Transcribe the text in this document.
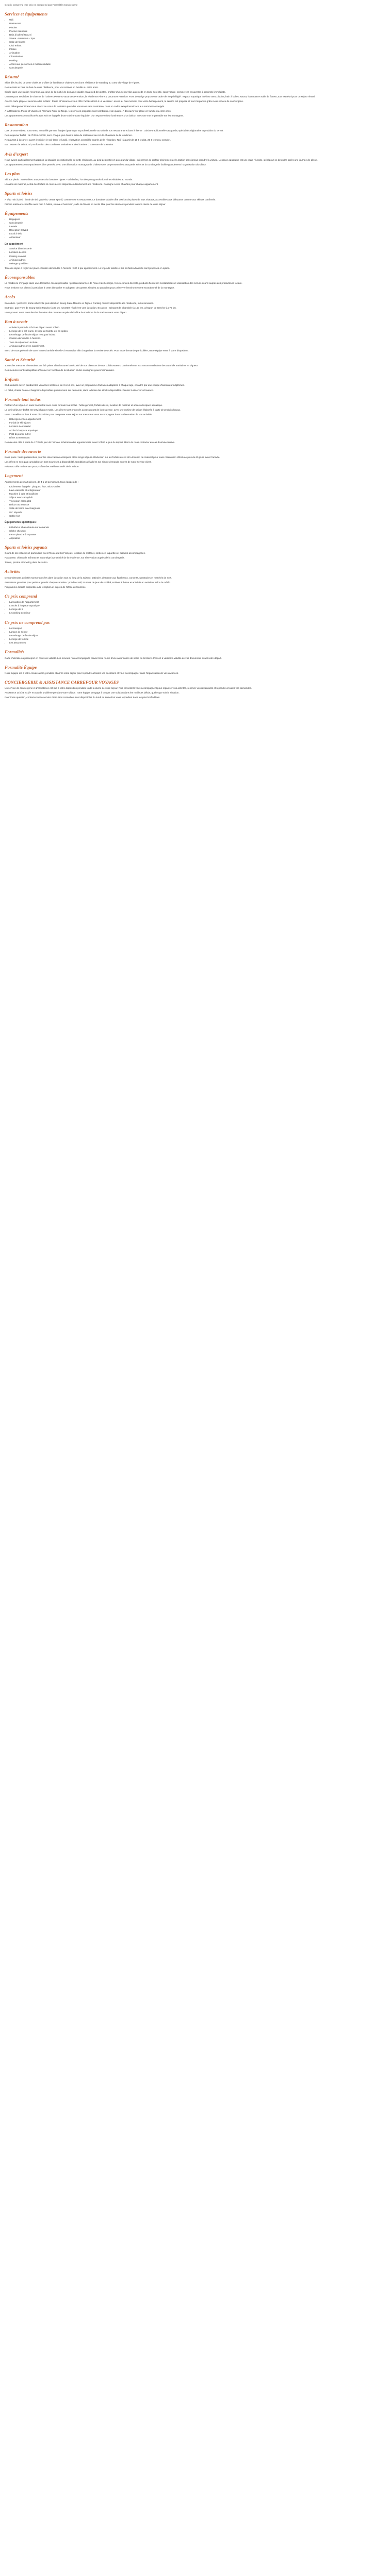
Ce prix comprend : Ce prix ne comprend pas Formalités Conciergerie

Services et équipements
• Wifi
• Restaurant
• Piscine
• Piscine intérieure
• Bain à bulles/Jacuzzi
• Sauna - Hammam - Spa
• Salle de fitness
• Club enfant
• Pilates
• Animation
• Climatisation
• Parking
• Accès aux personnes à mobilité réduite
• Conciergerie
Résumé

Skier dès le pied de votre chalet et profiter de l'ambiance chaleureuse d'une résidence de standing au cœur du village de Tignes.

Restaurants et bars en bas de votre résidence, pour vos soirées en famille ou entre amis.

Située dans une station reconnue, au cœur de la moitié de domaine skiable et au pied des pistes, profitez d'un séjour skis aux pieds en toute sérénité, sans voiture, commerces et navettes à proximité immédiate.

Comme pour ses hôtes de charme de l'univers Pierre & Vacances Premium, la résidence Pierre & Vacances Premium Front de Neige propose un cadre de vie privilégié : espace aquatique intérieur avec piscine, bain à bulles, sauna, hammam et salle de fitness, tout est réuni pour un séjour réussi.

Avec la carte plage et la remise des forfaits : Pierre et Vacances vous offre l'accès direct à un vestiaire : accès au bon moment pour votre hébergement, le service est proposé et tout s'organise grâce à un service de conciergerie.

Votre hébergement idéal vous attend au cœur de la station pour des vacances sans contrainte, dans un cadre exceptionnel face aux sommets enneigés.

A la Résidence Pierre et Vacances Premium Front de Neige, les services proposés sont nombreux et de qualité. A découvrir sur place en famille ou entre amis.

Les appartements sont décorés avec soin et équipés d'une cuisine toute équipée, d'un espace séjour lumineux et d'un balcon avec une vue imprenable sur les montagnes.

Restauration

Lors de votre séjour, vous serez accueillis par une équipe dynamique et professionnelle au sein de nos restaurants et bars à thème : cuisine traditionnelle savoyarde, spécialités régionales et produits du terroir.

Petit-déjeuner buffet : de 7h30 à 10h30, servi chaque jour dans la salle du restaurant au rez-de-chaussée de la résidence.

Restaurant à la carte : ouvert le midi et le soir (sauf le lundi), réservation conseillée auprès de la réception. Tarif : à partir de 15 € le plat, 25 € le menu complet.

Bar : ouvert de 16h à 23h, en fonction des conditions sanitaires et des horaires d'ouverture de la station.

Avis d'expert

Nous avons particulièrement apprécié la situation exceptionnelle de cette résidence, au pied des pistes et au cœur du village, qui permet de profiter pleinement de la station sans jamais prendre la voiture. L'espace aquatique est une vraie réussite, idéal pour se détendre après une journée de glisse.

Les appartements sont spacieux et bien pensés, avec une décoration montagnarde chaleureuse. Le personnel est aux petits soins et la conciergerie facilite grandement l'organisation du séjour.

Les plus

Ski aux pieds : accès direct aux pistes du domaine Tignes - Val d'Isère, l'un des plus grands domaines skiables au monde.

Location de matériel, achat des forfaits et cours de ski disponibles directement à la résidence. Consigne à skis chauffée pour chaque appartement.

Sports et loisirs

A 5/10 min à pied : école de ski, garderie, centre sportif, commerces et restaurants. Le domaine skiable offre 300 km de pistes de tous niveaux, accessibles aux débutants comme aux skieurs confirmés.

Piscine intérieure chauffée avec bain à bulles, sauna et hammam, salle de fitness en accès libre pour les résidents pendant toute la durée de votre séjour.

Équipements
• Bagagerie
• Conciergerie
• Laverie
• Réception 24h/24
• Local à skis
• Ascenseur
En supplément
• Service blanchisserie
• Location de skis
• Parking couvert
• Animaux admis
• Ménage quotidien

Taxe de séjour à régler sur place. Caution demandée à l'arrivée : 300 € par appartement. Le linge de toilette et les lits faits à l'arrivée sont proposés en option.

Écoresponsables

La résidence s'engage dans une démarche éco-responsable : gestion raisonnée de l'eau et de l'énergie, tri sélectif des déchets, produits d'entretien écolabellisés et valorisation des circuits courts auprès des producteurs locaux.

Nous invitons nos clients à participer à cette démarche en adoptant des gestes simples au quotidien pour préserver l'environnement exceptionnel de la montagne.

Accès

En voiture : par l'A43, sortie Albertville puis direction Bourg-Saint-Maurice et Tignes. Parking couvert disponible à la résidence, sur réservation.

En train : gare TGV de Bourg-Saint-Maurice à 30 km, navettes régulières vers la station. En avion : aéroport de Chambéry à 150 km, aéroport de Genève à 170 km.

Vous pouvez aussi consulter les horaires des navettes auprès de l'office de tourisme de la station avant votre départ.

Bon à savoir
• Arrivée à partir de 17h00 et départ avant 10h00.
• Le linge de lit est fourni, le linge de toilette est en option.
• Le ménage de fin de séjour n'est pas inclus.
• Caution demandée à l'arrivée.
• Taxe de séjour non incluse.
• Animaux admis avec supplément.

Merci de nous prévenir de votre heure d'arrivée si celle-ci est tardive afin d'organiser la remise des clés. Pour toute demande particulière, notre équipe reste à votre disposition.

Santé et Sécurité

Toutes les mesures nécessaires ont été prises afin d'assurer la sécurité de nos clients et de nos collaborateurs, conformément aux recommandations des autorités sanitaires en vigueur.

Ces mesures sont susceptibles d'évoluer en fonction de la situation et des consignes gouvernementales.

Enfants

Club enfants ouvert pendant les vacances scolaires, de 3 à 12 ans, avec un programme d'activités adaptées à chaque âge, encadré par une équipe d'animateurs diplômés.

Lit bébé, chaise haute et baignoire disponibles gratuitement sur demande, dans la limite des stocks disponibles. Pensez à réserver à l'avance.

Formule tout inclus

Profitez d'un séjour en toute tranquillité avec notre formule tout inclus : hébergement, forfaits de ski, location de matériel et accès à l'espace aquatique.

Le petit-déjeuner buffet est servi chaque matin. Les dîners sont proposés au restaurant de la résidence, avec une cuisine de saison élaborée à partir de produits locaux.

Votre conseiller se tient à votre disposition pour composer votre séjour sur mesure et vous accompagner dans la réservation de vos activités.

• Hébergement en appartement
• Forfait de ski 6 jours
• Location de matériel
• Accès à l'espace aquatique
• Petit-déjeuner buffet
• Dîner au restaurant

Remise des clés à partir de 17h00 le jour de l'arrivée. Libération des appartements avant 10h00 le jour du départ. Merci de nous contacter en cas d'arrivée tardive.

Formule découverte

Bons plans : tarifs préférentiels pour les réservations anticipées et les longs séjours. Réduction sur les forfaits de ski et la location de matériel pour toute réservation effectuée plus de 60 jours avant l'arrivée.

Les offres ne sont pas cumulables et sont soumises à disponibilité. Conditions détaillées sur simple demande auprès de notre service client.

Réservez dès maintenant pour profiter des meilleurs tarifs de la saison.

Logement

Appartements de 2 à 5 pièces, de 4 à 10 personnes, tous équipés de :

• Kitchenette équipée : plaques, four, micro-ondes
• Lave-vaisselle et réfrigérateur
• Machine à café et bouilloire
• Séjour avec canapé-lit
• Télévision écran plat
• Balcon ou terrasse
• Salle de bains avec baignoire
• WC séparés
• Coffre-fort
Équipements spécifiques :
• Lit bébé et chaise haute sur demande
• Sèche-cheveux
• Fer et planche à repasser
• Aspirateur
Sports et loisirs payants

Cours de ski collectifs et particuliers avec l'École du Ski Français, location de matériel, sorties en raquettes et balades accompagnées.

Parapente, chiens de traîneau et motoneige à proximité de la résidence, sur réservation auprès de la conciergerie.

Tennis, piscine et bowling dans la station.

Activités

De nombreuses activités sont proposées dans la station tout au long de la saison : patinoire, descente aux flambeaux, concerts, spectacles et marchés de noël.

Animations gratuites pour petits et grands chaque semaine : pot d'accueil, tournois de jeux de société, soirées à thème et activités en extérieur selon la météo.

Programme détaillé disponible à la réception et auprès de l'office de tourisme.

Ce prix comprend
• La location de l'appartement
• L'accès à l'espace aquatique
• Le linge de lit
• Le parking extérieur
Ce prix ne comprend pas
• Le transport
• La taxe de séjour
• Le ménage de fin de séjour
• Le linge de toilette
• Les assurances
Formalités

Carte d'identité ou passeport en cours de validité. Les mineurs non accompagnés doivent être munis d'une autorisation de sortie du territoire. Pensez à vérifier la validité de vos documents avant votre départ.

Formalité Équipe

Notre équipe est à votre écoute avant, pendant et après votre séjour pour répondre à toutes vos questions et vous accompagner dans l'organisation de vos vacances.

CONCIERGERIE & ASSISTANCE CARREFOUR VOYAGES

Un service de conciergerie et d'assistance est mis à votre disposition pendant toute la durée de votre séjour. Nos conseillers vous accompagnent pour organiser vos activités, réserver vos restaurants et répondre à toutes vos demandes.

Assistance 24h/24 et 7j/7 en cas de problème pendant votre séjour : notre équipe s'engage à trouver une solution dans les meilleurs délais, quelle que soit la situation.

Pour toute question, contactez notre service client. Nos conseillers sont disponibles du lundi au samedi et vous répondent dans les plus brefs délais.
